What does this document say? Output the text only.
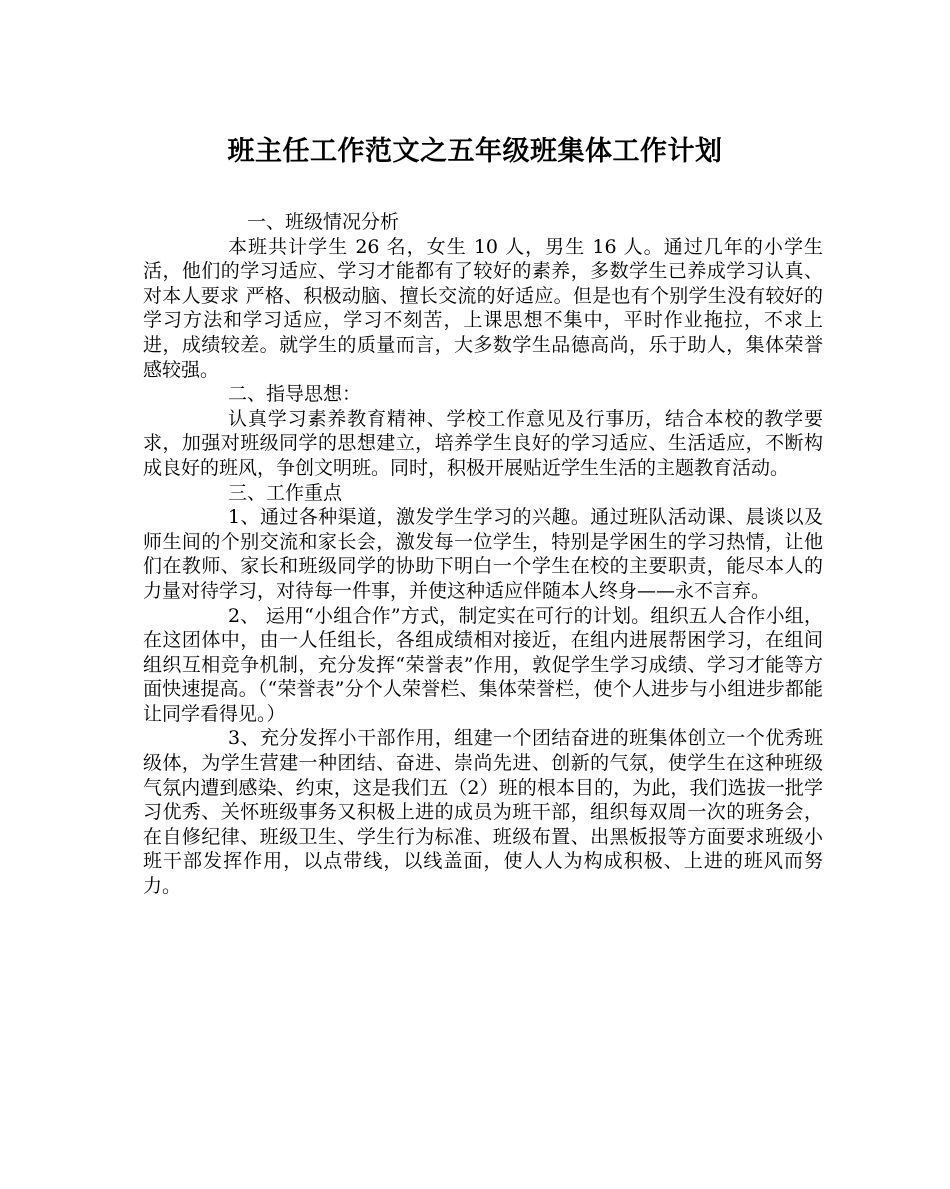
班主任工作范文之五年级班集体工作计划

一、班级情况分析

本班共计学生 26 名，女生 10 人，男生 16 人。通过几年的小学生活，他们的学习适应、学习才能都有了较好的素养，多数学生已养成学习认真、对本人要求 严格、积极动脑、擅长交流的好适应。但是也有个别学生没有较好的学习方法和学习适应，学习不刻苦，上课思想不集中，平时作业拖拉，不求上进，成绩较差。就学生的质量而言，大多数学生品德高尚，乐于助人，集体荣誉感较强。

二、指导思想：

认真学习素养教育精神、学校工作意见及行事历，结合本校的教学要求，加强对班级同学的思想建立，培养学生良好的学习适应、生活适应，不断构成良好的班风，争创文明班。同时，积极开展贴近学生生活的主题教育活动。

三、工作重点

1、通过各种渠道，激发学生学习的兴趣。通过班队活动课、晨谈以及师生间的个别交流和家长会，激发每一位学生，特别是学困生的学习热情，让他们在教师、家长和班级同学的协助下明白一个学生在校的主要职责，能尽本人的力量对待学习，对待每一件事，并使这种适应伴随本人终身——永不言弃。

2、 运用“小组合作”方式，制定实在可行的计划。组织五人合作小组，在这团体中，由一人任组长，各组成绩相对接近，在组内进展帮困学习，在组间组织互相竞争机制，充分发挥“荣誉表”作用，敦促学生学习成绩、学习才能等方面快速提高。（“荣誉表”分个人荣誉栏、集体荣誉栏，使个人进步与小组进步都能让同学看得见。）

3、充分发挥小干部作用，组建一个团结奋进的班集体创立一个优秀班级体，为学生营建一种团结、奋进、崇尚先进、创新的气氛，使学生在这种班级气氛内遭到感染、约束，这是我们五（2）班的根本目的，为此，我们选拔一批学习优秀、关怀班级事务又积极上进的成员为班干部，组织每双周一次的班务会，在自修纪律、班级卫生、学生行为标准、班级布置、出黑板报等方面要求班级小班干部发挥作用，以点带线，以线盖面，使人人为构成积极、上进的班风而努力。
